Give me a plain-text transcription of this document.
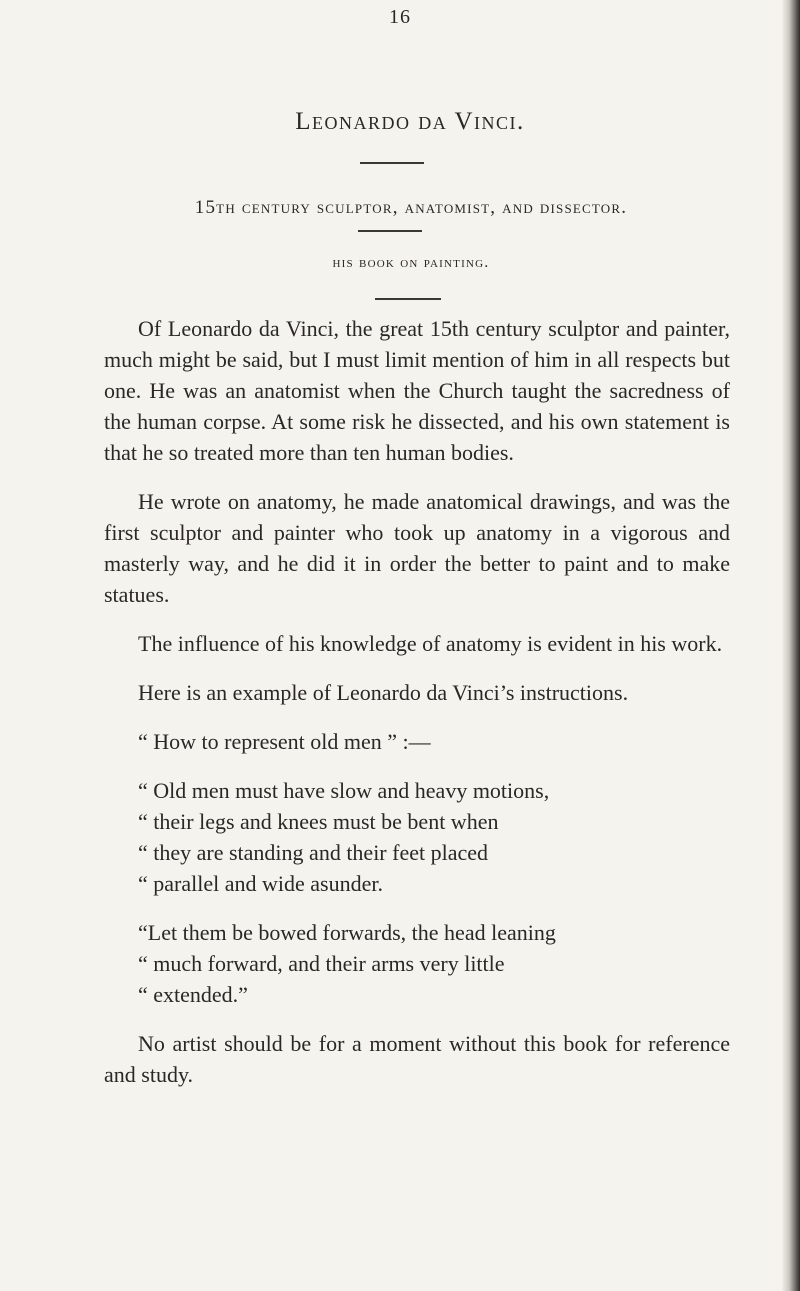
16
Leonardo da Vinci.
15th century sculptor, anatomist, and dissector.
his book on painting.

Of Leonardo da Vinci, the great 15th century sculptor and painter, much might be said, but I must limit mention of him in all respects but one. He was an anatomist when the Church taught the sacredness of the human corpse. At some risk he dissected, and his own statement is that he so treated more than ten human bodies.

He wrote on anatomy, he made anatomical drawings, and was the first sculptor and painter who took up anatomy in a vigorous and masterly way, and he did it in order the better to paint and to make statues.

The influence of his knowledge of anatomy is evident in his work.

Here is an example of Leonardo da Vinci’s instructions.

“ How to represent old men ” :—

“ Old men must have slow and heavy motions,
“ their legs and knees must be bent when
“ they are standing and their feet placed
“ parallel and wide asunder.
“Let them be bowed forwards, the head leaning
“ much forward, and their arms very little
“ extended.”

No artist should be for a moment without this book for reference and study.
